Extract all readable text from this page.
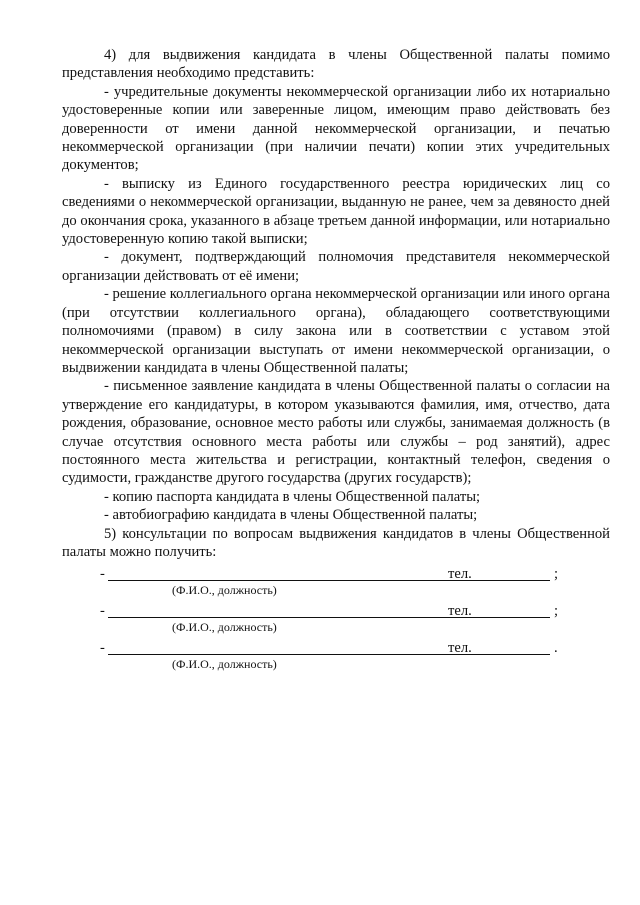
4) для выдвижения кандидата в члены Общественной палаты помимо представления необходимо представить:

- учредительные документы некоммерческой организации либо их нотариально удостоверенные копии или заверенные лицом, имеющим право действовать без доверенности от имени данной некоммерческой организации, и печатью некоммерческой организации (при наличии печати) копии этих учредительных документов;

- выписку из Единого государственного реестра юридических лиц со сведениями о некоммерческой организации, выданную не ранее, чем за девяносто дней до окончания срока, указанного в абзаце третьем данной информации, или нотариально удостоверенную копию такой выписки;

- документ, подтверждающий полномочия представителя некоммерческой организации действовать от её имени;

- решение коллегиального органа некоммерческой организации или иного органа (при отсутствии коллегиального органа), обладающего соответствующими полномочиями (правом) в силу закона или в соответствии с уставом этой некоммерческой организации выступать от имени некоммерческой организации, о выдвижении кандидата в члены Общественной палаты;

- письменное заявление кандидата в члены Общественной палаты о согласии на утверждение его кандидатуры, в котором указываются фамилия, имя, отчество, дата рождения, образование, основное место работы или службы, занимаемая должность (в случае отсутствия основного места работы или службы – род занятий), адрес постоянного места жительства и регистрации, контактный телефон, сведения о судимости, гражданстве другого государства (других государств);

- копию паспорта кандидата в члены Общественной палаты;

- автобиографию кандидата в члены Общественной палаты;

5) консультации по вопросам выдвижения кандидатов в члены Общественной палаты можно получить:

-	тел.	;
(Ф.И.О., должность)
-	тел.	;
(Ф.И.О., должность)
-	тел.	.
(Ф.И.О., должность)
